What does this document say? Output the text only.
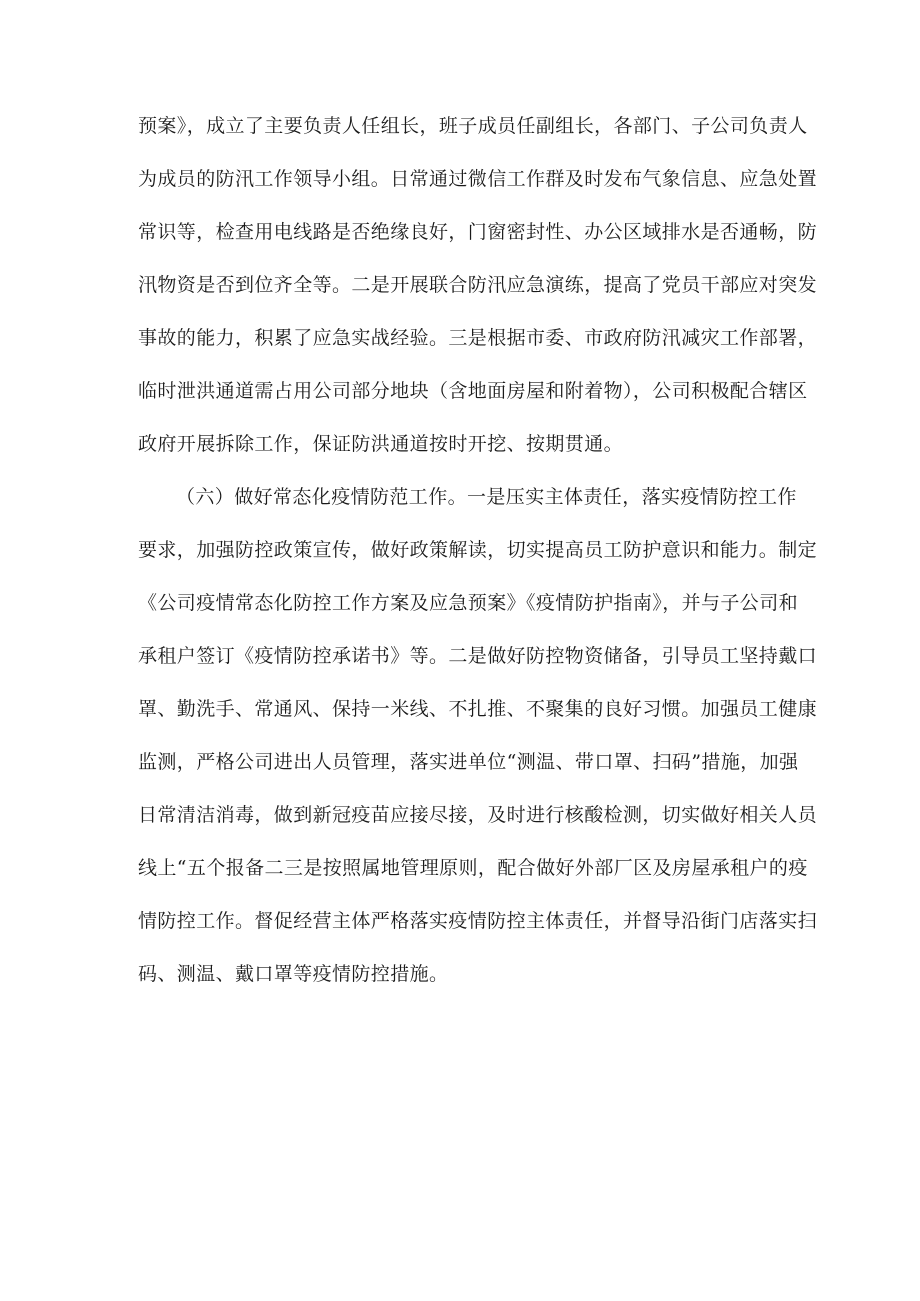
预案》，成立了主要负责人任组长，班子成员任副组长，各部门、子公司负责人
为成员的防汛工作领导小组。日常通过微信工作群及时发布气象信息、应急处置
常识等，检查用电线路是否绝缘良好，门窗密封性、办公区域排水是否通畅，防
汛物资是否到位齐全等。二是开展联合防汛应急演练，提高了党员干部应对突发
事故的能力，积累了应急实战经验。三是根据市委、市政府防汛减灾工作部署，
临时泄洪通道需占用公司部分地块（含地面房屋和附着物），公司积极配合辖区
政府开展拆除工作，保证防洪通道按时开挖、按期贯通。
（六）做好常态化疫情防范工作。一是压实主体责任，落实疫情防控工作
要求，加强防控政策宣传，做好政策解读，切实提高员工防护意识和能力。制定
《公司疫情常态化防控工作方案及应急预案》《疫情防护指南》，并与子公司和
承租户签订《疫情防控承诺书》等。二是做好防控物资储备，引导员工坚持戴口
罩、勤洗手、常通风、保持一米线、不扎推、不聚集的良好习惯。加强员工健康
监测，严格公司进出人员管理，落实进单位“测温、带口罩、扫码”措施，加强
日常清洁消毒，做到新冠疫苗应接尽接，及时进行核酸检测，切实做好相关人员
线上“五个报备二三是按照属地管理原则，配合做好外部厂区及房屋承租户的疫
情防控工作。督促经营主体严格落实疫情防控主体责任，并督导沿街门店落实扫
码、测温、戴口罩等疫情防控措施。
